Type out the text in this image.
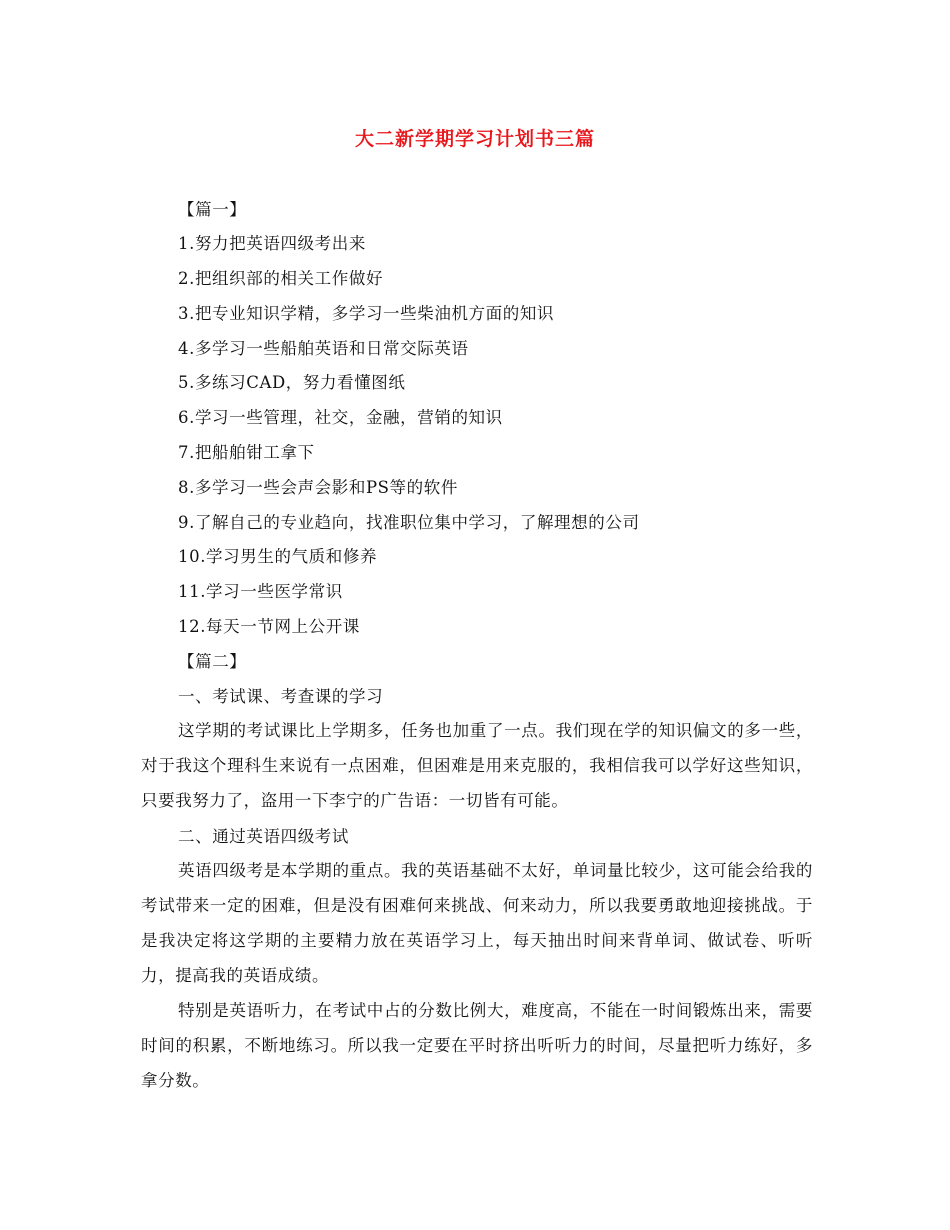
大二新学期学习计划书三篇
【篇一】
1.努力把英语四级考出来
2.把组织部的相关工作做好
3.把专业知识学精，多学习一些柴油机方面的知识
4.多学习一些船舶英语和日常交际英语
5.多练习CAD，努力看懂图纸
6.学习一些管理，社交，金融，营销的知识
7.把船舶钳工拿下
8.多学习一些会声会影和PS等的软件
9.了解自己的专业趋向，找准职位集中学习，了解理想的公司
10.学习男生的气质和修养
11.学习一些医学常识
12.每天一节网上公开课
【篇二】
一、考试课、考查课的学习
这学期的考试课比上学期多，任务也加重了一点。我们现在学的知识偏文的多一些，对于我这个理科生来说有一点困难，但困难是用来克服的，我相信我可以学好这些知识，只要我努力了，盗用一下李宁的广告语：一切皆有可能。
二、通过英语四级考试
英语四级考是本学期的重点。我的英语基础不太好，单词量比较少，这可能会给我的考试带来一定的困难，但是没有困难何来挑战、何来动力，所以我要勇敢地迎接挑战。于是我决定将这学期的主要精力放在英语学习上，每天抽出时间来背单词、做试卷、听听力，提高我的英语成绩。
特别是英语听力，在考试中占的分数比例大，难度高，不能在一时间锻炼出来，需要时间的积累，不断地练习。所以我一定要在平时挤出听听力的时间，尽量把听力练好，多拿分数。
